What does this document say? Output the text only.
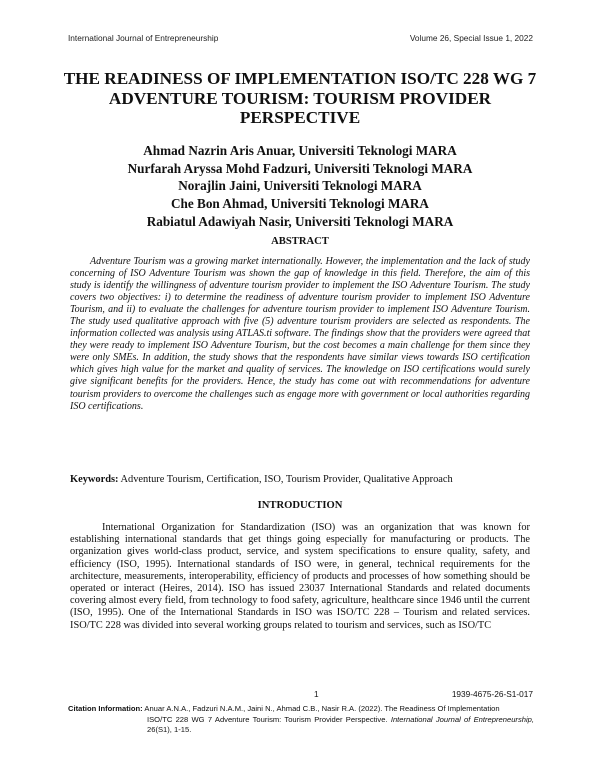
International Journal of Entrepreneurship	Volume 26, Special Issue 1, 2022
THE READINESS OF IMPLEMENTATION ISO/TC 228 WG 7 ADVENTURE TOURISM: TOURISM PROVIDER PERSPECTIVE
Ahmad Nazrin Aris Anuar, Universiti Teknologi MARA
Nurfarah Aryssa Mohd Fadzuri, Universiti Teknologi MARA
Norajlin Jaini, Universiti Teknologi MARA
Che Bon Ahmad, Universiti Teknologi MARA
Rabiatul Adawiyah Nasir, Universiti Teknologi MARA
ABSTRACT

Adventure Tourism was a growing market internationally. However, the implementation and the lack of study concerning of ISO Adventure Tourism was shown the gap of knowledge in this field. Therefore, the aim of this study is identify the willingness of adventure tourism provider to implement the ISO Adventure Tourism. The study covers two objectives: i) to determine the readiness of adventure tourism provider to implement ISO Adventure Tourism, and ii) to evaluate the challenges for adventure tourism provider to implement ISO Adventure Tourism. The study used qualitative approach with five (5) adventure tourism providers are selected as respondents. The information collected was analysis using ATLAS.ti software. The findings show that the providers were agreed that they were ready to implement ISO Adventure Tourism, but the cost becomes a main challenge for them since they were only SMEs. In addition, the study shows that the respondents have similar views towards ISO certification which gives high value for the market and quality of services. The knowledge on ISO certifications would surely give significant benefits for the providers. Hence, the study has come out with recommendations for adventure tourism providers to overcome the challenges such as engage more with government or local authorities regarding ISO certifications.

Keywords: Adventure Tourism, Certification, ISO, Tourism Provider, Qualitative Approach
INTRODUCTION

International Organization for Standardization (ISO) was an organization that was known for establishing international standards that get things going especially for manufacturing or products. The organization gives world-class product, service, and system specifications to ensure quality, safety, and efficiency (ISO, 1995). International standards of ISO were, in general, technical requirements for the architecture, measurements, interoperability, efficiency of products and processes of how something should be operated or interact (Heires, 2014). ISO has issued 23037 International Standards and related documents covering almost every field, from technology to food safety, agriculture, healthcare since 1946 until the current (ISO, 1995). One of the International Standards in ISO was ISO/TC 228 – Tourism and related services. ISO/TC 228 was divided into several working groups related to tourism and services, such as ISO/TC

1	1939-4675-26-S1-017
Citation Information: Anuar A.N.A., Fadzuri N.A.M., Jaini N., Ahmad C.B., Nasir R.A. (2022). The Readiness Of Implementation
ISO/TC 228 WG 7 Adventure Tourism: Tourism Provider Perspective. International Journal of Entrepreneurship, 26(S1), 1-15.
